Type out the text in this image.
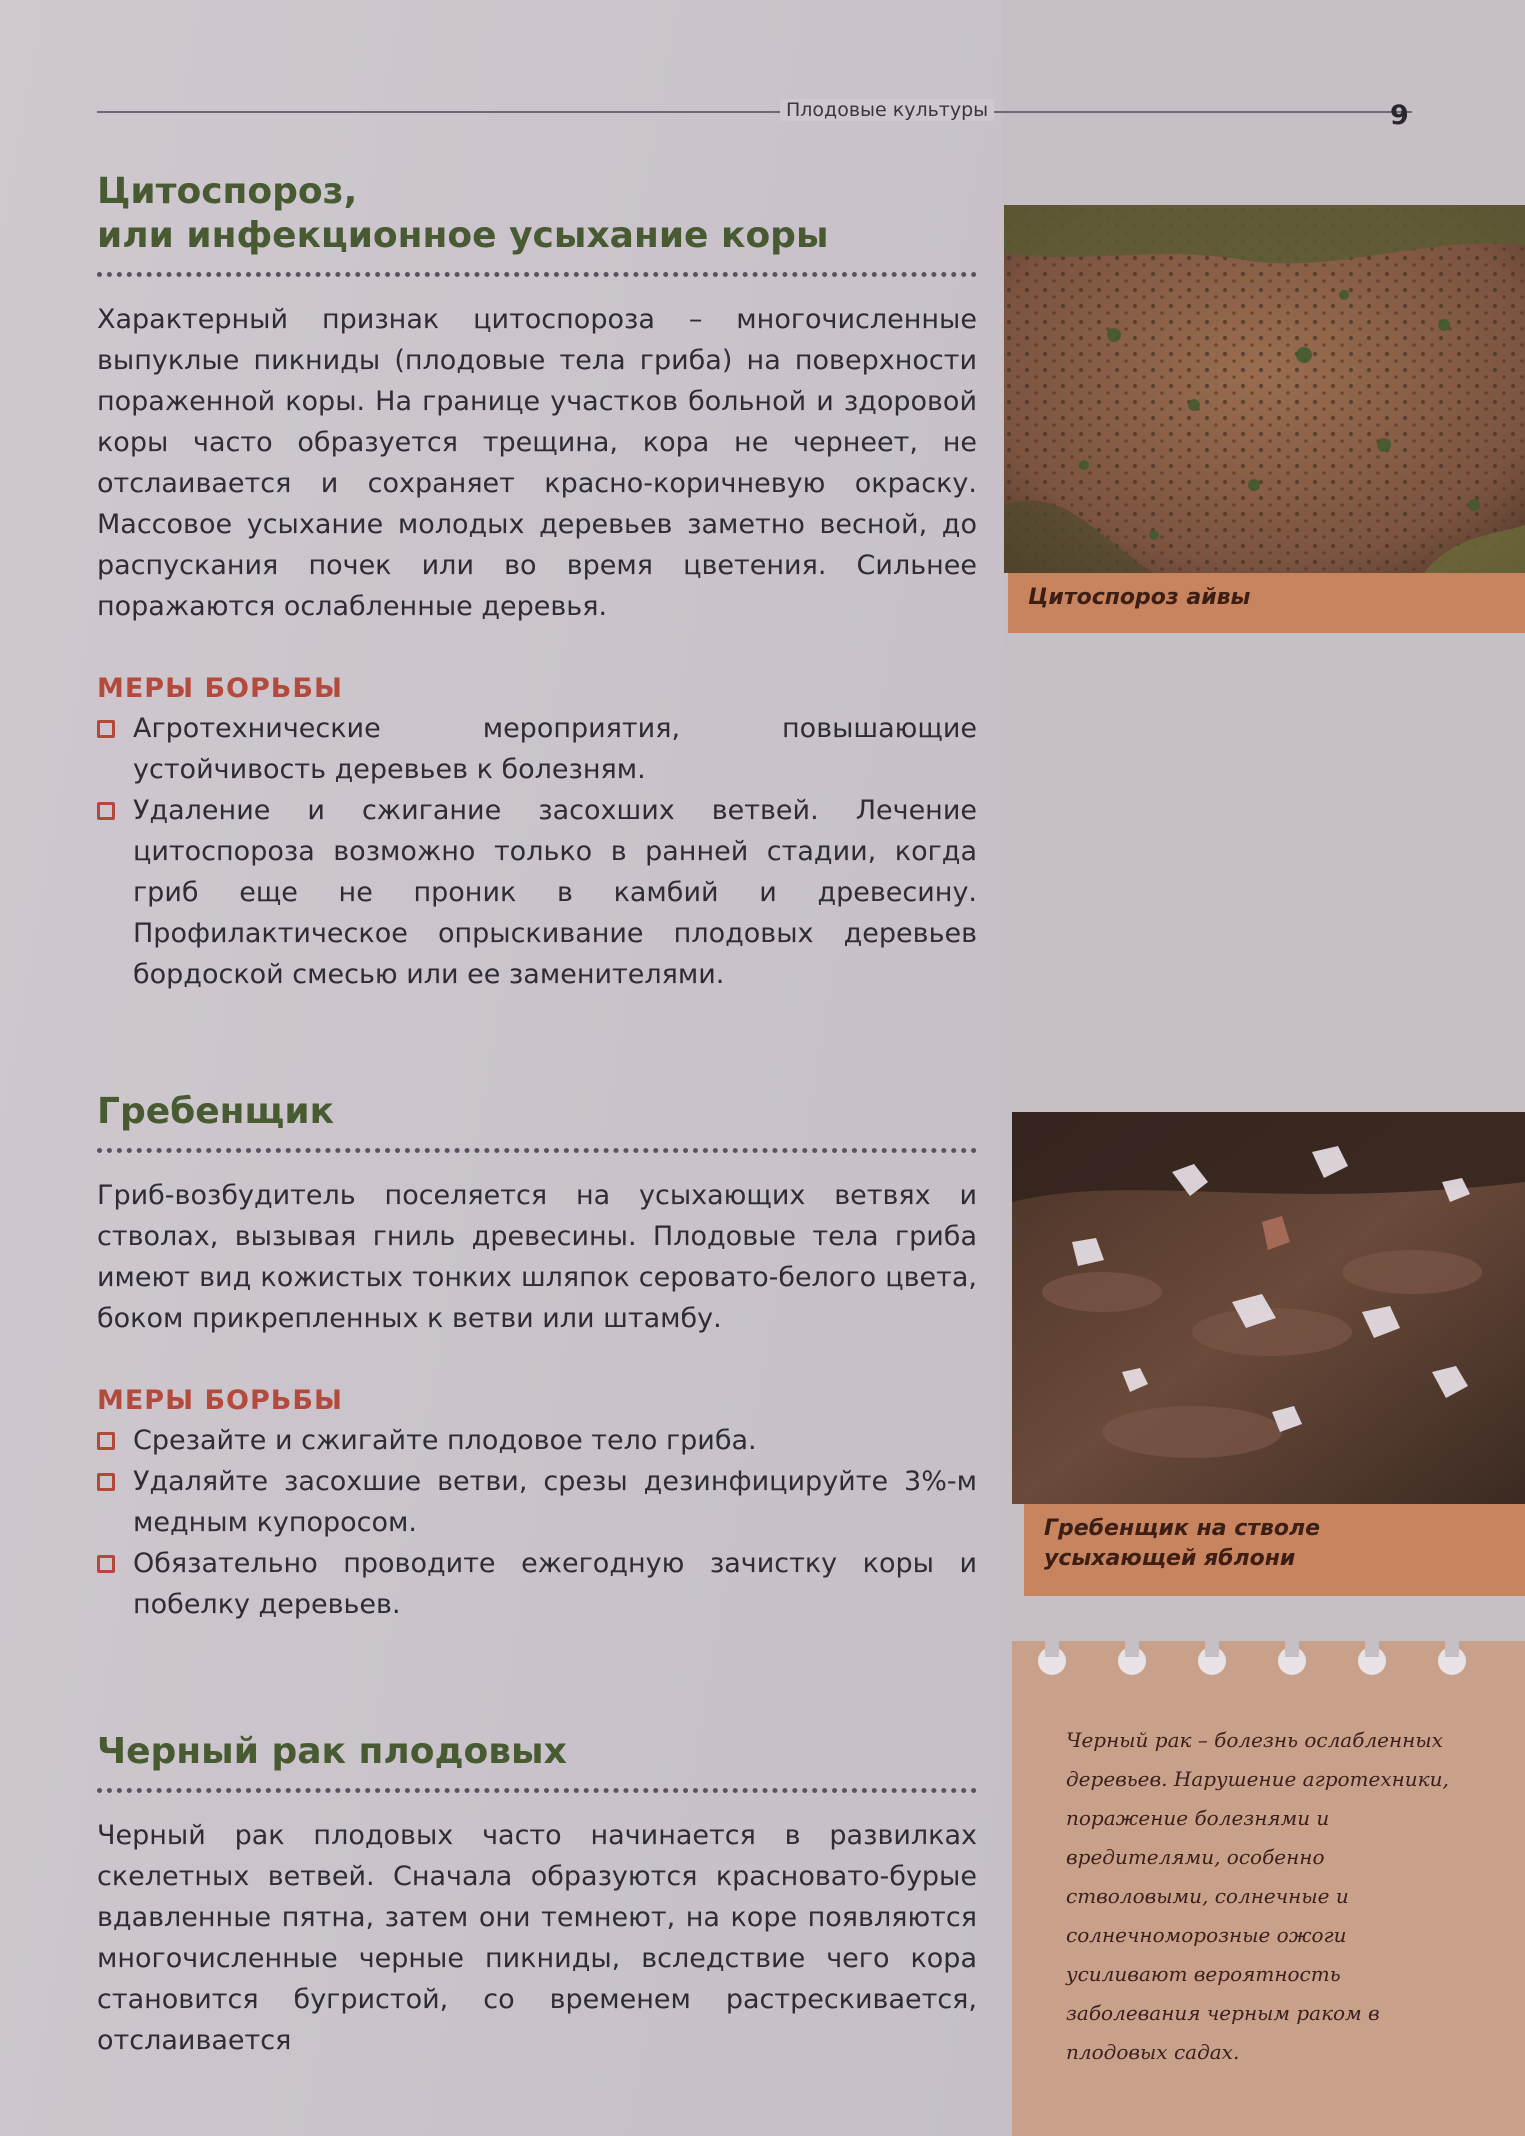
Плодовые культуры	9
Цитоспороз,
или инфекционное усыхание коры

Характерный признак цитоспороза – многочисленные выпуклые пикниды (плодовые тела гриба) на поверхности пораженной коры. На границе участков больной и здоровой коры часто образуется трещина, кора не чернеет, не отслаивается и сохраняет красно-коричневую окраску. Массовое усыхание молодых деревьев заметно весной, до распускания почек или во время цветения. Сильнее поражаются ослабленные деревья.

МЕРЫ БОРЬБЫ
Агротехнические мероприятия, повышающие устойчивость деревьев к болезням.
Удаление и сжигание засохших ветвей. Лечение цитоспороза возможно только в ранней стадии, когда гриб еще не проник в камбий и древесину. Профилактическое опрыскивание плодовых деревьев бордоской смесью или ее заменителями.
Гребенщик

Гриб-возбудитель поселяется на усыхающих ветвях и стволах, вызывая гниль древесины. Плодовые тела гриба имеют вид кожистых тонких шляпок серовато-белого цвета, боком прикрепленных к ветви или штамбу.

МЕРЫ БОРЬБЫ
Срезайте и сжигайте плодовое тело гриба.
Удаляйте засохшие ветви, срезы дезинфицируйте 3%-м медным купоросом.
Обязательно проводите ежегодную зачистку коры и побелку деревьев.
Черный рак плодовых

Черный рак плодовых часто начинается в развилках скелетных ветвей. Сначала образуются красновато-бурые вдавленные пятна, затем они темнеют, на коре появляются многочисленные черные пикниды, вследствие чего кора становится бугристой, со временем растрескивается, отслаивается

Цитоспороз айвы
Гребенщик на стволе
усыхающей яблони
Черный рак – болезнь ослабленных деревьев. Нарушение агротехники, поражение болезнями и вредителями, особенно стволовыми, солнечные и солнечноморозные ожоги усиливают вероятность заболевания черным раком в плодовых садах.
